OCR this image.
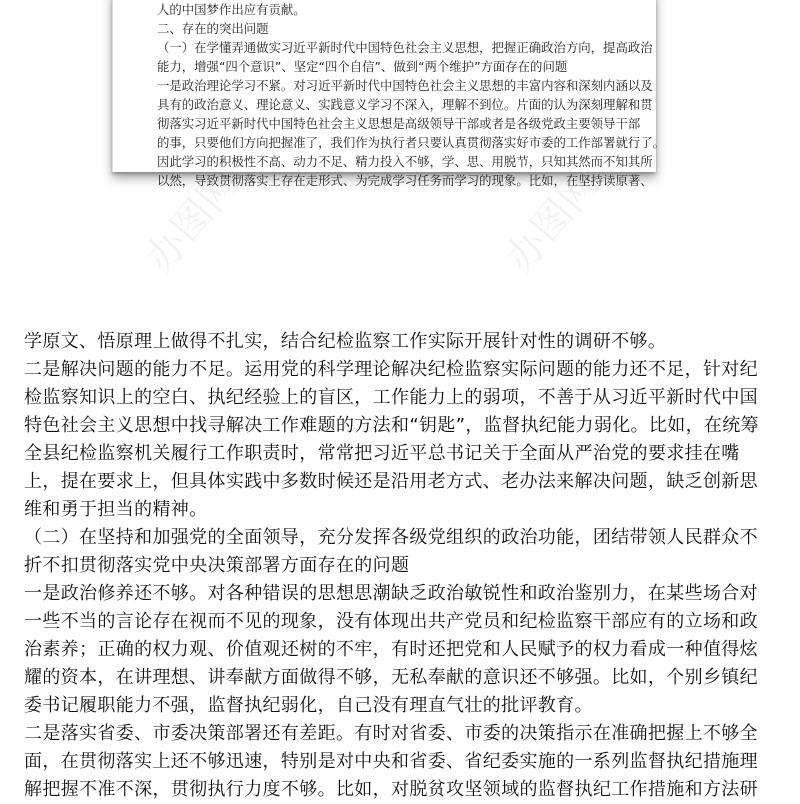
办图网	办图网
人的中国梦作出应有贡献。
二、存在的突出问题
（一）在学懂弄通做实习近平新时代中国特色社会主义思想，把握正确政治方向，提高政治
能力，增强“四个意识”、坚定“四个自信”、做到“两个维护”方面存在的问题
一是政治理论学习不紧。对习近平新时代中国特色社会主义思想的丰富内容和深刻内涵以及
具有的政治意义、理论意义、实践意义学习不深入，理解不到位。片面的认为深刻理解和贯
彻落实习近平新时代中国特色社会主义思想是高级领导干部或者是各级党政主要领导干部
的事，只要他们方向把握准了，我们作为执行者只要认真贯彻落实好市委的工作部署就行了。
因此学习的积极性不高、动力不足、精力投入不够，学、思、用脱节，只知其然而不知其所
以然，导致贯彻落实上存在走形式、为完成学习任务而学习的现象。比如，在坚持读原著、
学原文、悟原理上做得不扎实，结合纪检监察工作实际开展针对性的调研不够。
二是解决问题的能力不足。运用党的科学理论解决纪检监察实际问题的能力还不足，针对纪
检监察知识上的空白、执纪经验上的盲区，工作能力上的弱项，不善于从习近平新时代中国
特色社会主义思想中找寻解决工作难题的方法和“钥匙”，监督执纪能力弱化。比如，在统筹
全县纪检监察机关履行工作职责时，常常把习近平总书记关于全面从严治党的要求挂在嘴
上，提在要求上，但具体实践中多数时候还是沿用老方式、老办法来解决问题，缺乏创新思
维和勇于担当的精神。
（二）在坚持和加强党的全面领导，充分发挥各级党组织的政治功能，团结带领人民群众不
折不扣贯彻落实党中央决策部署方面存在的问题
一是政治修养还不够。对各种错误的思想思潮缺乏政治敏锐性和政治鉴别力，在某些场合对
一些不当的言论存在视而不见的现象，没有体现出共产党员和纪检监察干部应有的立场和政
治素养；正确的权力观、价值观还树的不牢，有时还把党和人民赋予的权力看成一种值得炫
耀的资本，在讲理想、讲奉献方面做得不够，无私奉献的意识还不够强。比如，个别乡镇纪
委书记履职能力不强，监督执纪弱化，自己没有理直气壮的批评教育。
二是落实省委、市委决策部署还有差距。有时对省委、市委的决策指示在准确把握上不够全
面，在贯彻落实上还不够迅速，特别是对中央和省委、省纪委实施的一系列监督执纪措施理
解把握不准不深，贯彻执行力度不够。比如，对脱贫攻坚领域的监督执纪工作措施和方法研
